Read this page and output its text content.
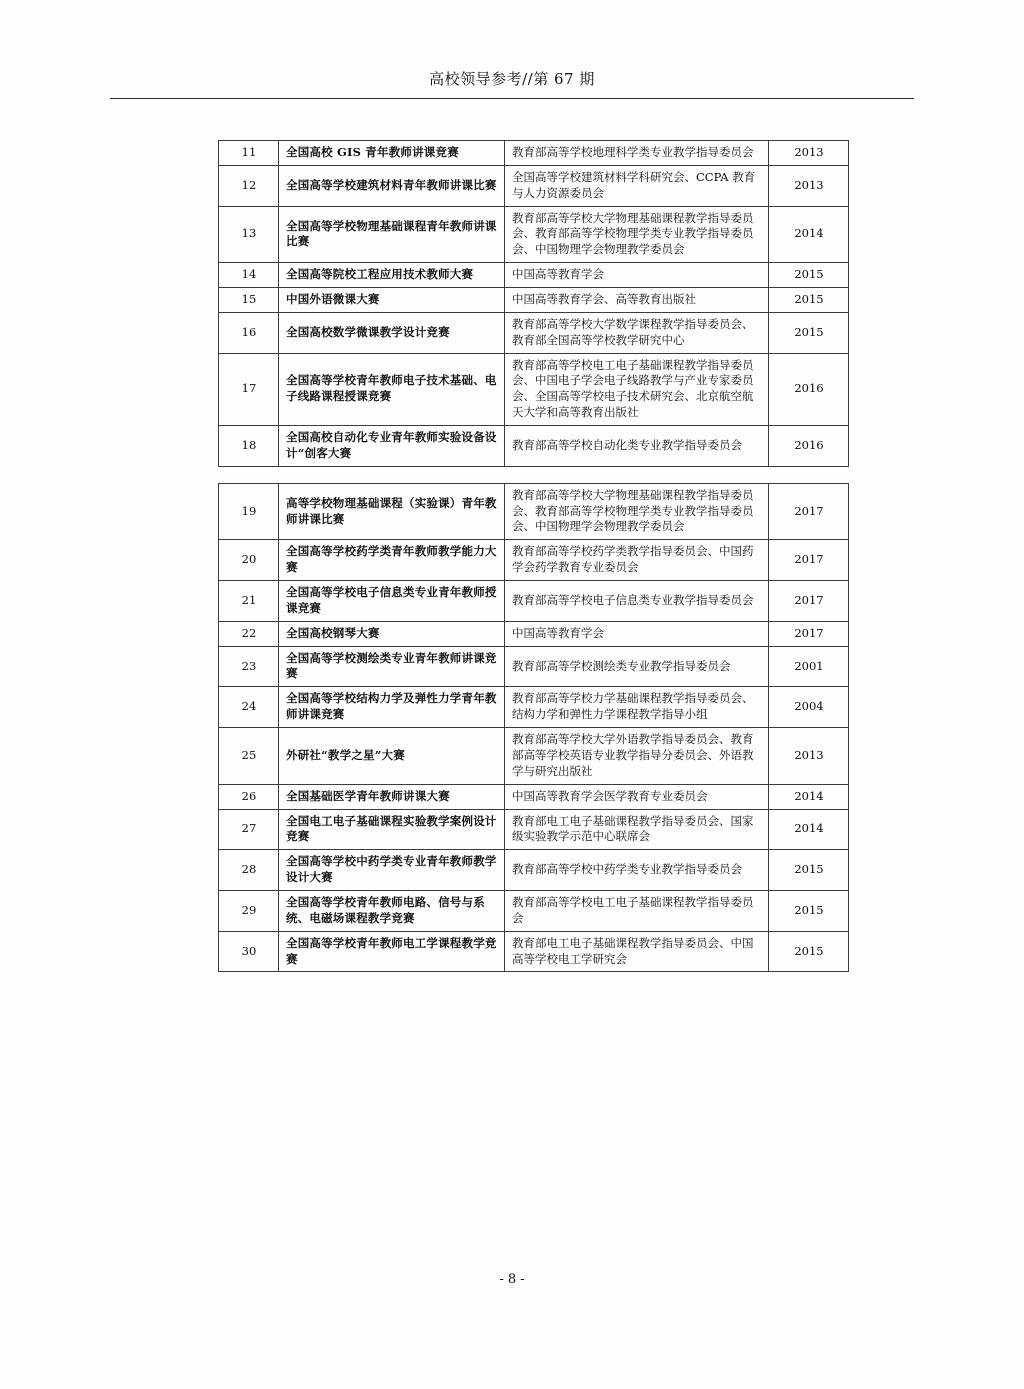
高校领导参考//第 67 期
11	全国高校 GIS 青年教师讲课竞赛	教育部高等学校地理科学类专业教学指导委员会	2013
12	全国高等学校建筑材料青年教师讲课比赛	全国高等学校建筑材料学科研究会、CCPA 教育与人力资源委员会	2013
13	全国高等学校物理基础课程青年教师讲课比赛	教育部高等学校大学物理基础课程教学指导委员会、教育部高等学校物理学类专业教学指导委员会、中国物理学会物理教学委员会	2014
14	全国高等院校工程应用技术教师大赛	中国高等教育学会	2015
15	中国外语微课大赛	中国高等教育学会、高等教育出版社	2015
16	全国高校数学微课教学设计竞赛	教育部高等学校大学数学课程教学指导委员会、教育部全国高等学校教学研究中心	2015
17	全国高等学校青年教师电子技术基础、电子线路课程授课竞赛	教育部高等学校电工电子基础课程教学指导委员会、中国电子学会电子线路教学与产业专家委员会、全国高等学校电子技术研究会、北京航空航天大学和高等教育出版社	2016
18	全国高校自动化专业青年教师实验设备设计“创客大赛	教育部高等学校自动化类专业教学指导委员会	2016
19	高等学校物理基础课程（实验课）青年教师讲课比赛	教育部高等学校大学物理基础课程教学指导委员会、教育部高等学校物理学类专业教学指导委员会、中国物理学会物理教学委员会	2017
20	全国高等学校药学类青年教师教学能力大赛	教育部高等学校药学类教学指导委员会、中国药学会药学教育专业委员会	2017
21	全国高等学校电子信息类专业青年教师授课竞赛	教育部高等学校电子信息类专业教学指导委员会	2017
22	全国高校钢琴大赛	中国高等教育学会	2017
23	全国高等学校测绘类专业青年教师讲课竞赛	教育部高等学校测绘类专业教学指导委员会	2001
24	全国高等学校结构力学及弹性力学青年教师讲课竞赛	教育部高等学校力学基础课程教学指导委员会、结构力学和弹性力学课程教学指导小组	2004
25	外研社“教学之星”大赛	教育部高等学校大学外语教学指导委员会、教育部高等学校英语专业教学指导分委员会、外语教学与研究出版社	2013
26	全国基础医学青年教师讲课大赛	中国高等教育学会医学教育专业委员会	2014
27	全国电工电子基础课程实验教学案例设计竞赛	教育部电工电子基础课程教学指导委员会、国家级实验教学示范中心联席会	2014
28	全国高等学校中药学类专业青年教师教学设计大赛	教育部高等学校中药学类专业教学指导委员会	2015
29	全国高等学校青年教师电路、信号与系统、电磁场课程教学竞赛	教育部高等学校电工电子基础课程教学指导委员会	2015
30	全国高等学校青年教师电工学课程教学竞赛	教育部电工电子基础课程教学指导委员会、中国高等学校电工学研究会	2015
- 8 -
